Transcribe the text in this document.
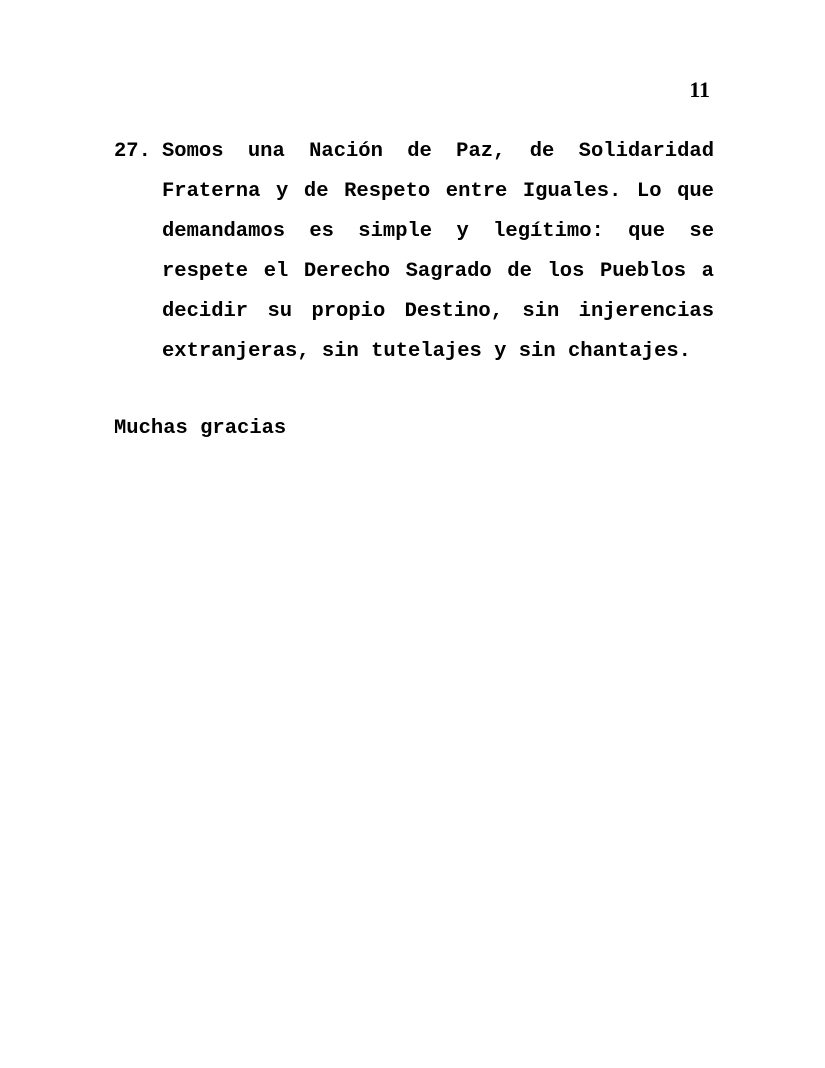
11
27. Somos una Nación de Paz, de Solidaridad Fraterna y de Respeto entre Iguales. Lo que demandamos es simple y legítimo: que se respete el Derecho Sagrado de los Pueblos a decidir su propio Destino, sin injerencias extranjeras, sin tutelajes y sin chantajes.
Muchas gracias
